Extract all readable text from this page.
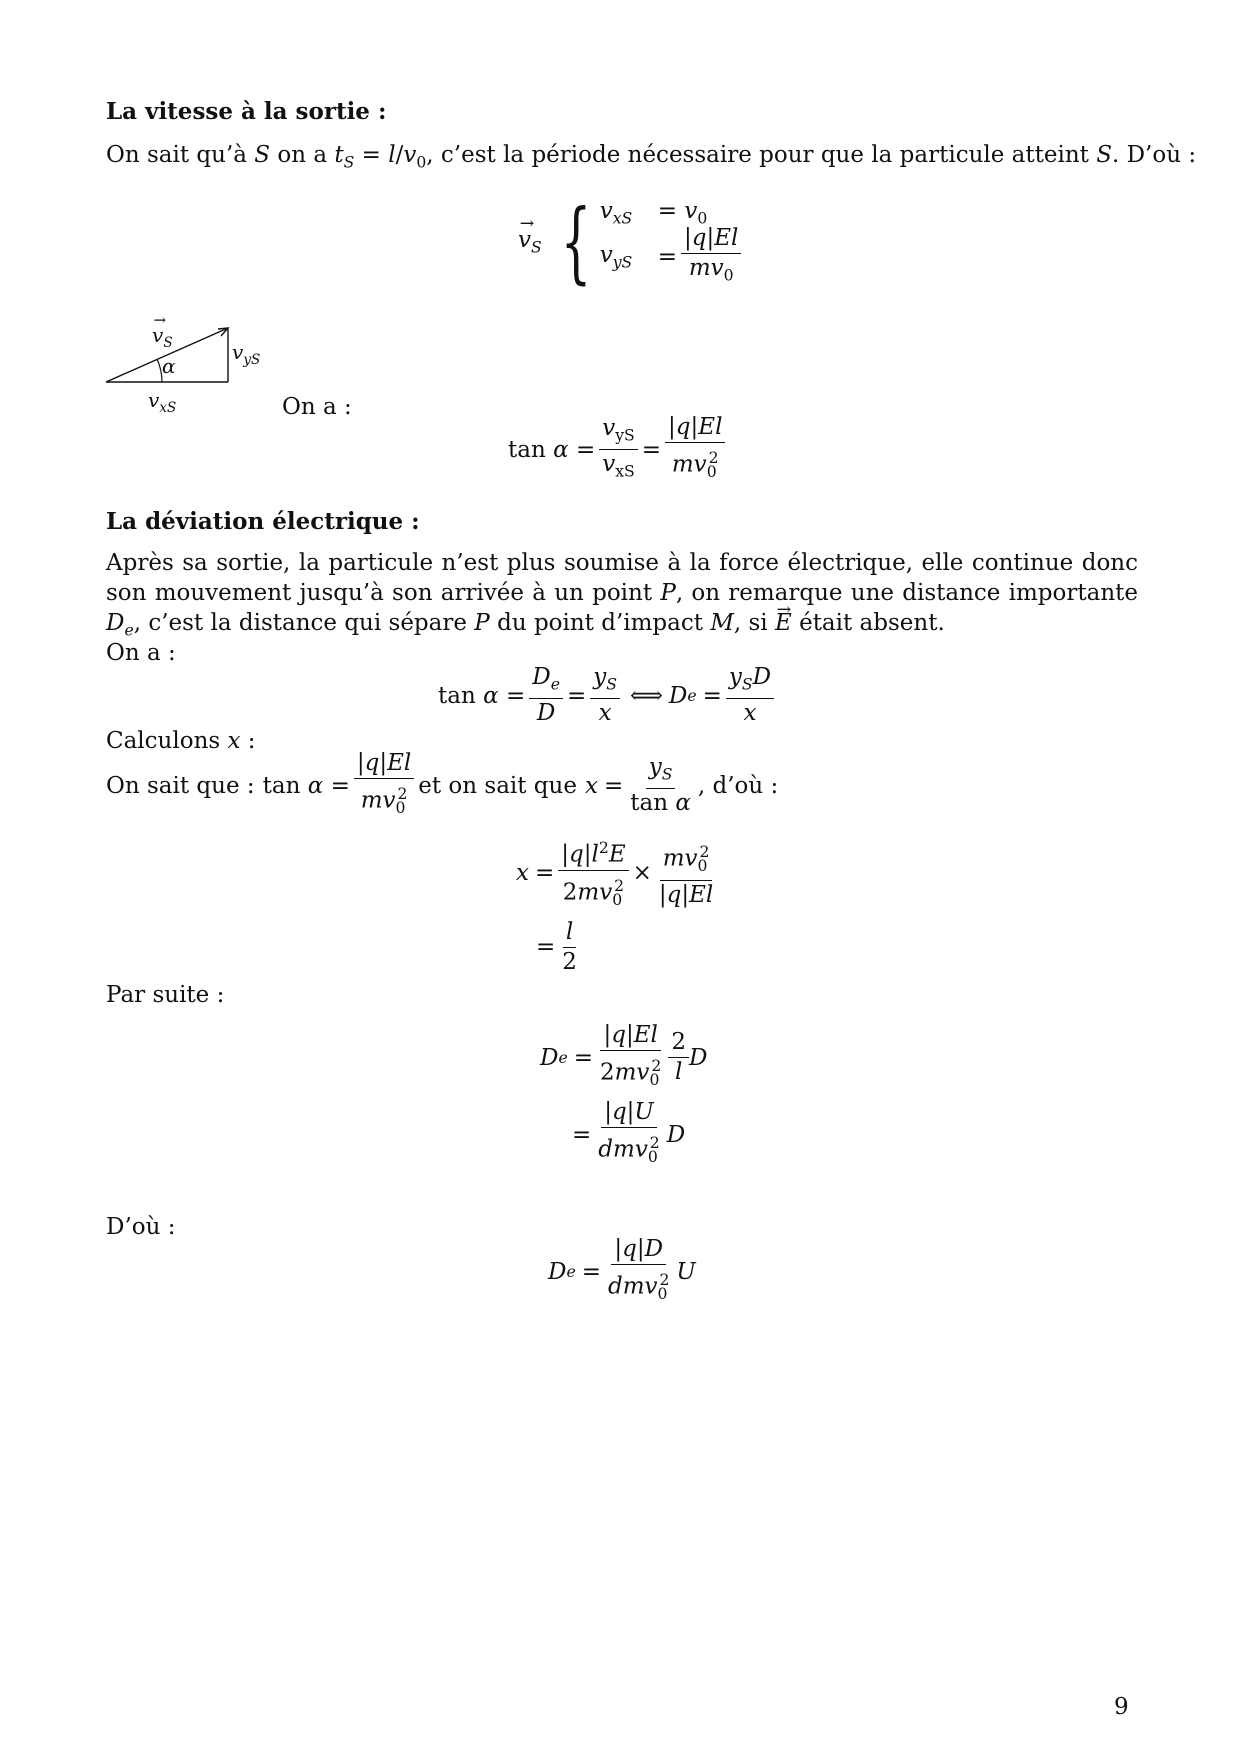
La vitesse à la sortie :
On sait qu’à S on a $t_S = l/v_0$, c’est la période nécessaire pour que la particule atteint S. D’où :
→ $v_S$ { $v_{xS}$	= $v_0$
$v_{yS}$	= $\frac{|q|El}{mv_0}$
→ $v_S$
α
$v_{yS}$
$v_{xS}$	On a :
$\tan \alpha = \frac{v_{yS}}{v_{xS}} = \frac{|q|El}{mv_0^2}$
La déviation électrique :
Après sa sortie, la particule n’est plus soumise à la force électrique, elle continue donc son mouvement jusqu’à son arrivée à un point P, on remarque une distance importante $D_e$, c’est la distance qui sépare P du point d’impact M, si → E était absent.
On a :
$\tan \alpha = \frac{D_e}{D} = \frac{y_S}{x}$ ⟺ D $e = \frac{y_SD}{x}$
Calculons x :
On sait que : $\tan \alpha = \frac{|q|El}{mv_0^2}$ et on sait que $x = \frac{y_S}{\text{tan α}}$ , d’où :
$x = \frac{|q|l^2E}{2mv_0^2} \times \frac{mv_0^2}{|q|El}$
= $\frac{l}{2}$
Par suite :
D $e = \frac{|q|El}{2mv_0^2} \frac{2}{l}$ D
= $\frac{|q|U}{dmv_0^2}$ D
D’où :
D $e = \frac{|q|D}{dmv_0^2}$ U
9
